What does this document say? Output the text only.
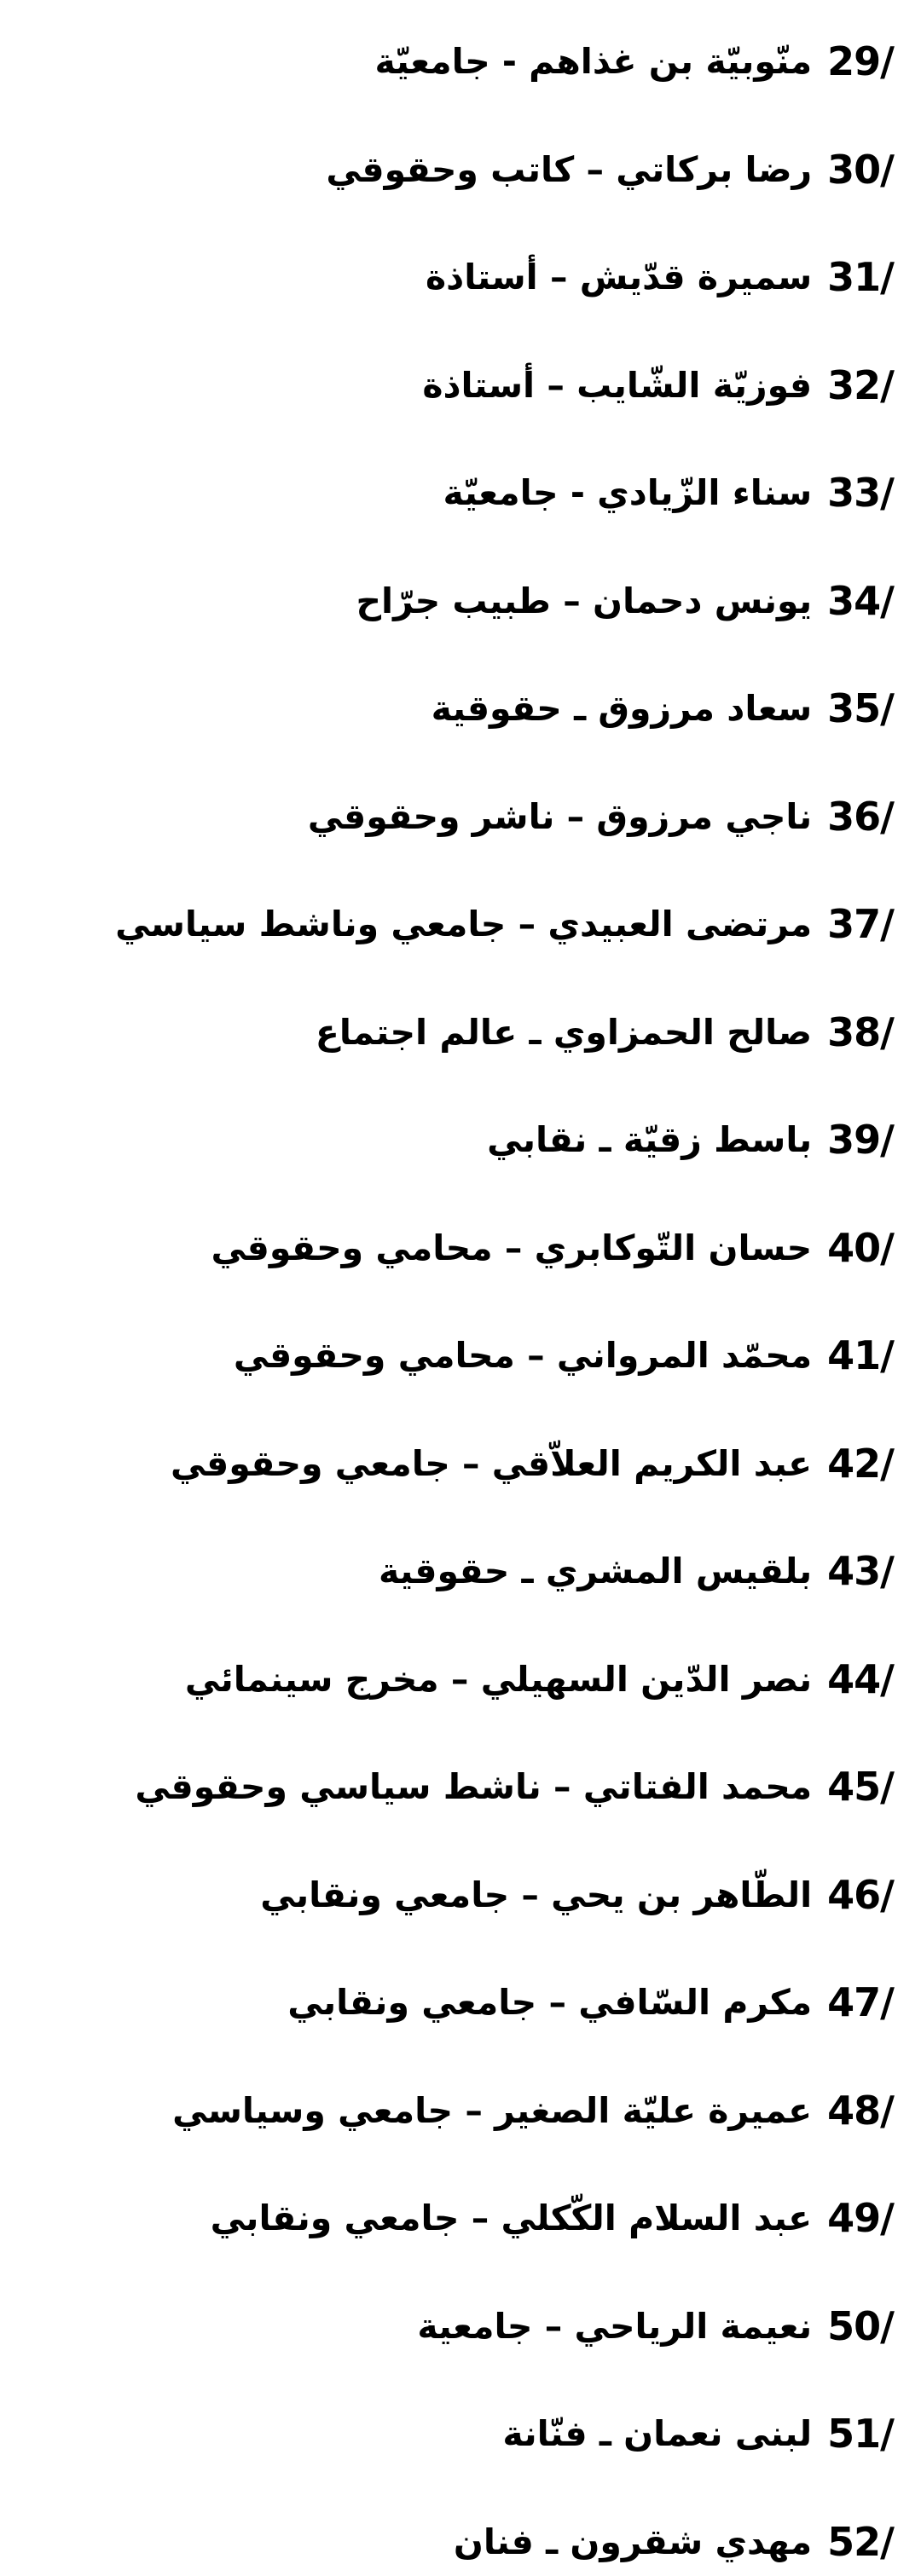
29/
منّوبيّة بن غذاهم - جامعيّة
30/
رضا بركاتي – كاتب وحقوقي
31/
سميرة قدّيش – أستاذة
32/
فوزيّة الشّايب – أستاذة
33/
سناء الزّيادي - جامعيّة
34/
يونس دحمان – طبيب جرّاح
35/
سعاد مرزوق ـ حقوقية
36/
ناجي مرزوق – ناشر وحقوقي
37/
مرتضى العبيدي – جامعي وناشط سياسي
38/
صالح الحمزاوي ـ عالم اجتماع
39/
باسط زقيّة ـ نقابي
40/
حسان التّوكابري – محامي وحقوقي
41/
محمّد المرواني – محامي وحقوقي
42/
عبد الكريم العلاّقي – جامعي وحقوقي
43/
بلقيس المشري ـ حقوقية
44/
نصر الدّين السهيلي – مخرج سينمائي
45/
محمد الفتاتي – ناشط سياسي وحقوقي
46/
الطّاهر بن يحي – جامعي ونقابي
47/
مكرم السّافي – جامعي ونقابي
48/
عميرة عليّة الصغير – جامعي وسياسي
49/
عبد السلام الكّكلي – جامعي ونقابي
50/
نعيمة الرياحي – جامعية
51/
لبنى نعمان ـ فنّانة
52/
مهدي شقرون ـ فنان
